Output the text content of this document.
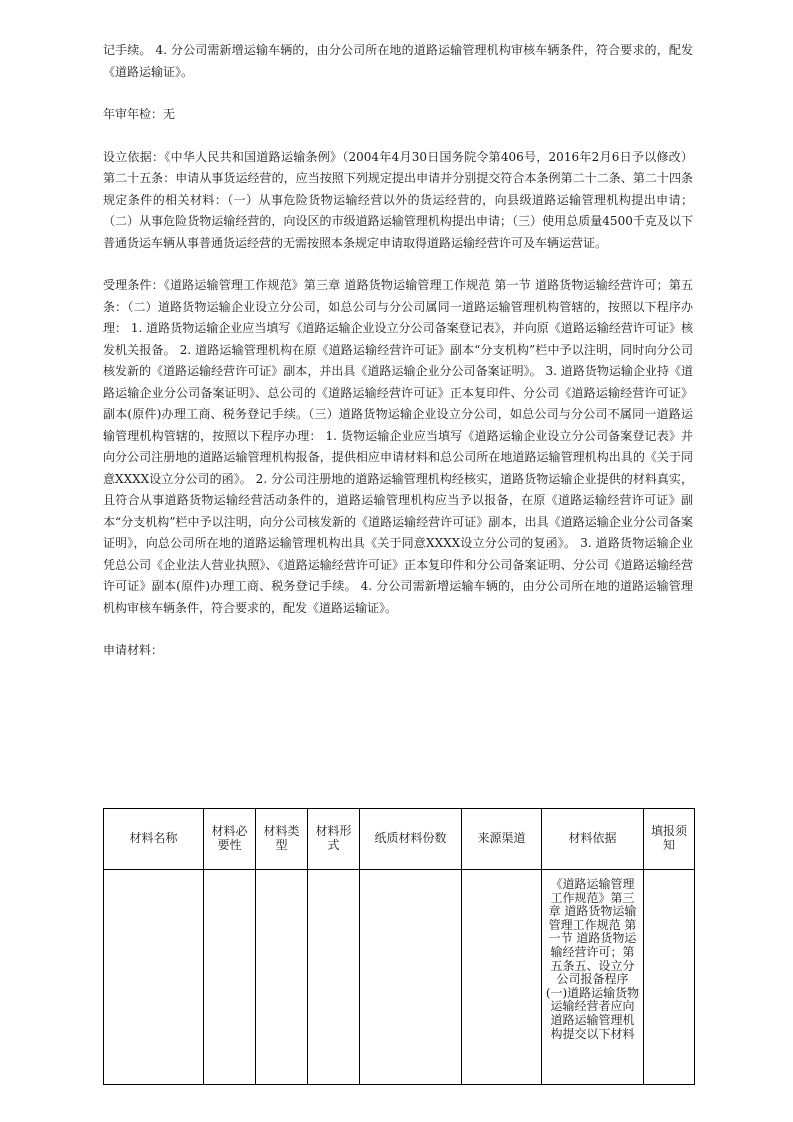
记手续。 4. 分公司需新增运输车辆的，由分公司所在地的道路运输管理机构审核车辆条件，符合要求的，配发《道路运输证》。

年审年检：无

设立依据：《中华人民共和国道路运输条例》（2004年4月30日国务院令第406号，2016年2月6日予以修改）第二十五条：申请从事货运经营的，应当按照下列规定提出申请并分别提交符合本条例第二十二条、第二十四条规定条件的相关材料：（一）从事危险货物运输经营以外的货运经营的，向县级道路运输管理机构提出申请；（二）从事危险货物运输经营的，向设区的市级道路运输管理机构提出申请；（三）使用总质量4500千克及以下普通货运车辆从事普通货运经营的无需按照本条规定申请取得道路运输经营许可及车辆运营证。

受理条件：《道路运输管理工作规范》第三章 道路货物运输管理工作规范 第一节 道路货物运输经营许可；第五条：（二）道路货物运输企业设立分公司，如总公司与分公司属同一道路运输管理机构管辖的，按照以下程序办理： 1. 道路货物运输企业应当填写《道路运输企业设立分公司备案登记表》，并向原《道路运输经营许可证》核发机关报备。 2. 道路运输管理机构在原《道路运输经营许可证》副本“分支机构”栏中予以注明，同时向分公司核发新的《道路运输经营许可证》副本，并出具《道路运输企业分公司备案证明》。 3. 道路货物运输企业持《道路运输企业分公司备案证明》、总公司的《道路运输经营许可证》正本复印件、分公司《道路运输经营许可证》副本(原件)办理工商、税务登记手续。（三）道路货物运输企业设立分公司，如总公司与分公司不属同一道路运输管理机构管辖的，按照以下程序办理： 1. 货物运输企业应当填写《道路运输企业设立分公司备案登记表》并向分公司注册地的道路运输管理机构报备，提供相应申请材料和总公司所在地道路运输管理机构出具的《关于同意XXXX设立分公司的函》。 2. 分公司注册地的道路运输管理机构经核实，道路货物运输企业提供的材料真实，且符合从事道路货物运输经营活动条件的，道路运输管理机构应当予以报备，在原《道路运输经营许可证》副本“分支机构”栏中予以注明，向分公司核发新的《道路运输经营许可证》副本，出具《道路运输企业分公司备案证明》，向总公司所在地的道路运输管理机构出具《关于同意XXXX设立分公司的复函》。 3. 道路货物运输企业凭总公司《企业法人营业执照》、《道路运输经营许可证》正本复印件和分公司备案证明、分公司《道路运输经营许可证》副本(原件)办理工商、税务登记手续。 4. 分公司需新增运输车辆的，由分公司所在地的道路运输管理机构审核车辆条件，符合要求的，配发《道路运输证》。

申请材料：

材料名称	材料必要性	材料类型	材料形式	纸质材料份数	来源渠道	材料依据	填报须知
						《道路运输管理工作规范》第三章 道路货物运输管理工作规范 第一节 道路货物运输经营许可；第五条五、设立分公司报备程序 (一)道路运输货物运输经营者应向道路运输管理机构提交以下材料	
